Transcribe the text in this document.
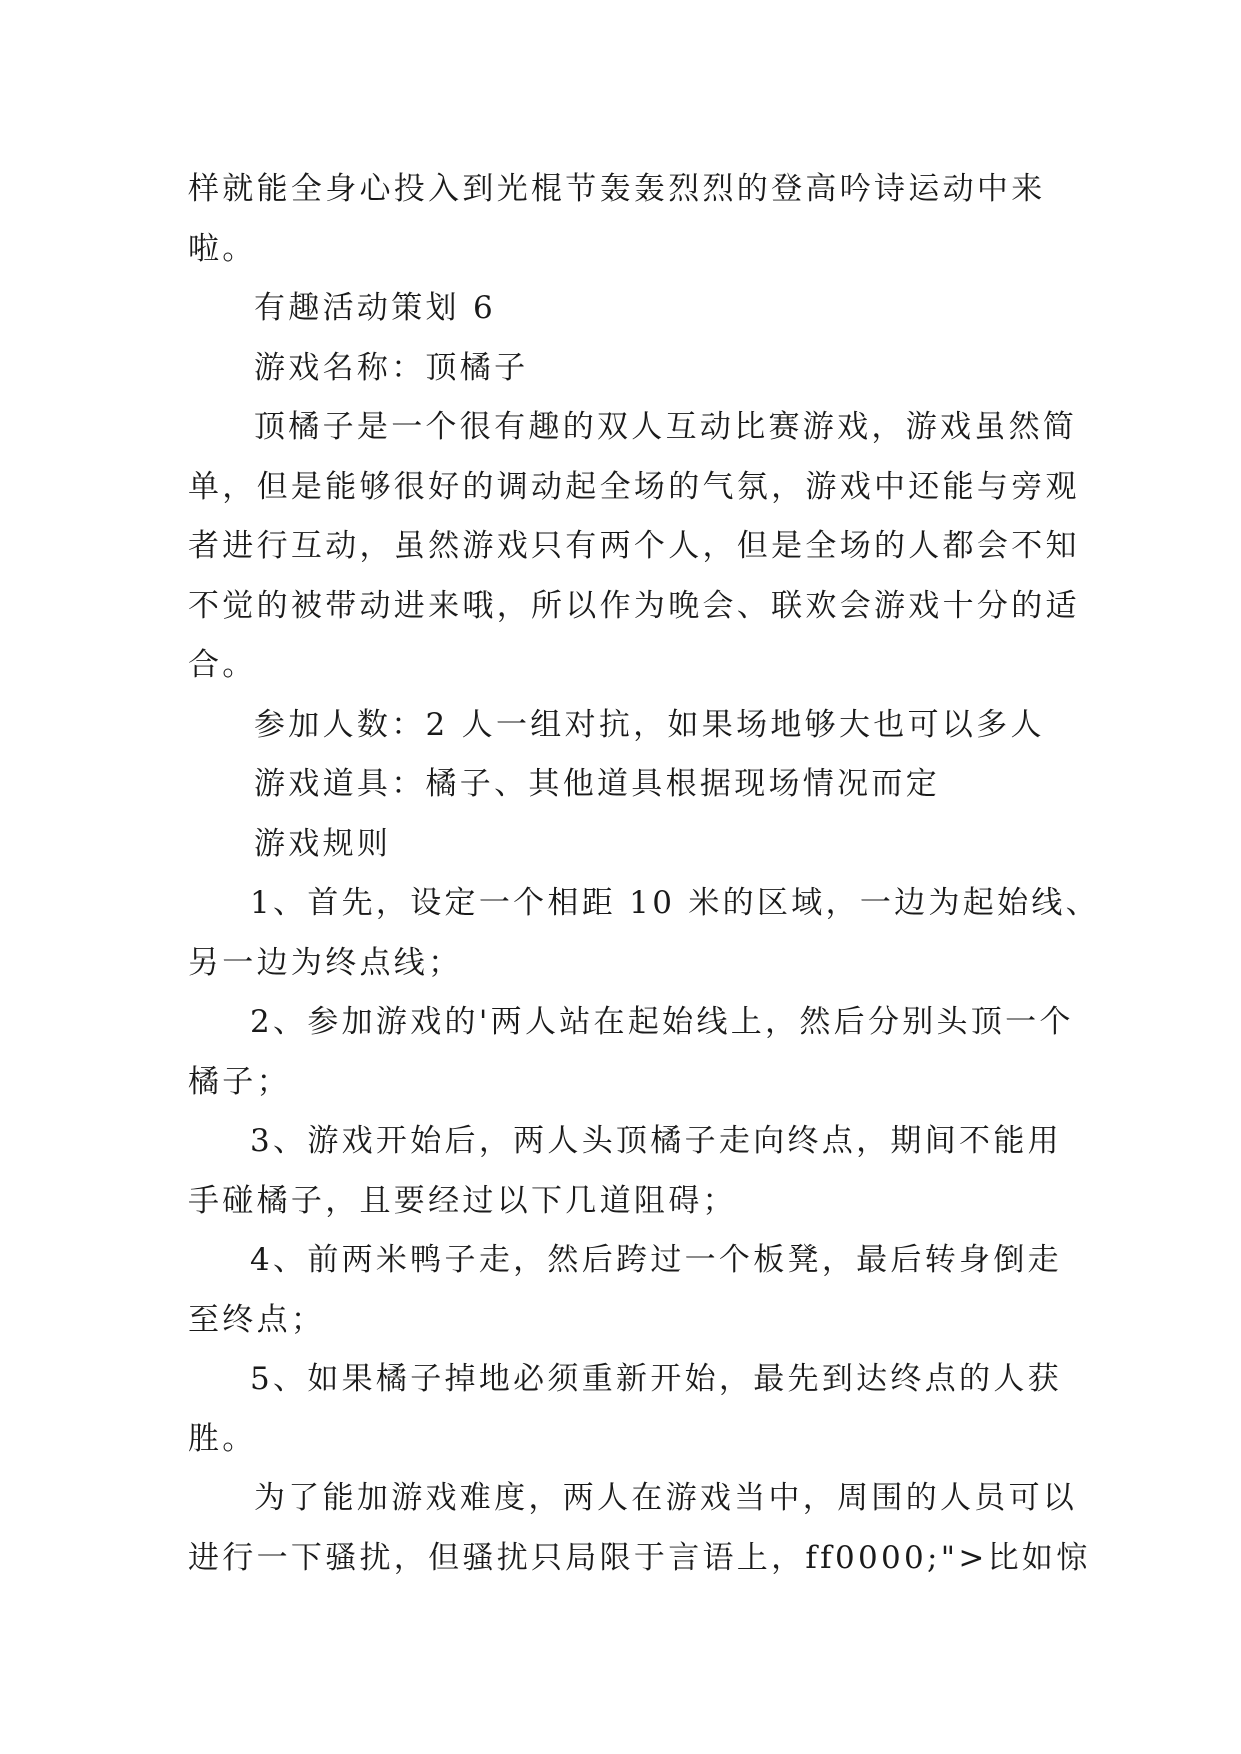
样就能全身心投入到光棍节轰轰烈烈的登高吟诗运动中来
啦。
有趣活动策划 6
游戏名称：顶橘子
顶橘子是一个很有趣的双人互动比赛游戏，游戏虽然简
单，但是能够很好的调动起全场的气氛，游戏中还能与旁观
者进行互动，虽然游戏只有两个人，但是全场的人都会不知
不觉的被带动进来哦，所以作为晚会、联欢会游戏十分的适
合。
参加人数：2 人一组对抗，如果场地够大也可以多人
游戏道具：橘子、其他道具根据现场情况而定
游戏规则
1、首先，设定一个相距 10 米的区域，一边为起始线、
另一边为终点线；
2、参加游戏的'两人站在起始线上，然后分别头顶一个
橘子；
3、游戏开始后，两人头顶橘子走向终点，期间不能用
手碰橘子，且要经过以下几道阻碍；
4、前两米鸭子走，然后跨过一个板凳，最后转身倒走
至终点；
5、如果橘子掉地必须重新开始，最先到达终点的人获
胜。
为了能加游戏难度，两人在游戏当中，周围的人员可以
进行一下骚扰，但骚扰只局限于言语上，ff0000;">比如惊
